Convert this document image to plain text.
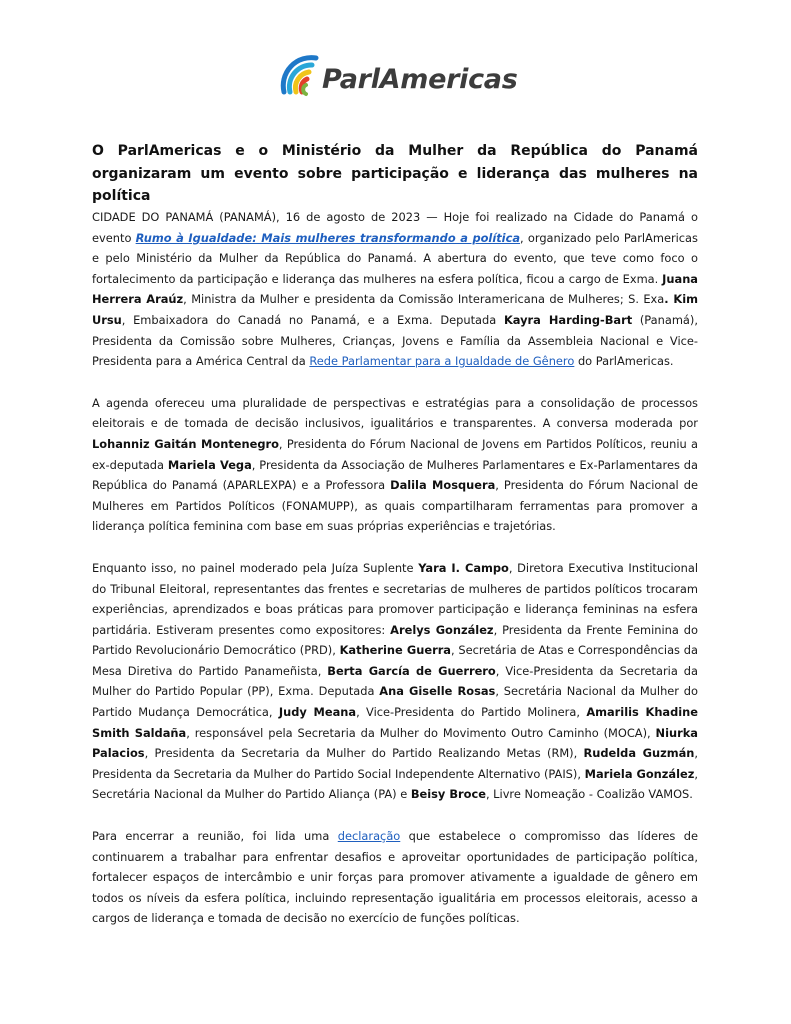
ParlAmericas
O ParlAmericas e o Ministério da Mulher da República do Panamá organizaram um evento sobre participação e liderança das mulheres na política

CIDADE DO PANAMÁ (PANAMÁ), 16 de agosto de 2023 — Hoje foi realizado na Cidade do Panamá o evento Rumo à Igualdade: Mais mulheres transformando a política, organizado pelo ParlAmericas e pelo Ministério da Mulher da República do Panamá. A abertura do evento, que teve como foco o fortalecimento da participação e liderança das mulheres na esfera política, ficou a cargo de Exma. Juana Herrera Araúz, Ministra da Mulher e presidenta da Comissão Interamericana de Mulheres; S. Exa. Kim Ursu, Embaixadora do Canadá no Panamá, e a Exma. Deputada Kayra Harding-Bart (Panamá), Presidenta da Comissão sobre Mulheres, Crianças, Jovens e Família da Assembleia Nacional e Vice-Presidenta para a América Central da Rede Parlamentar para a Igualdade de Gênero do ParlAmericas.

A agenda ofereceu uma pluralidade de perspectivas e estratégias para a consolidação de processos eleitorais e de tomada de decisão inclusivos, igualitários e transparentes. A conversa moderada por Lohanniz Gaitán Montenegro, Presidenta do Fórum Nacional de Jovens em Partidos Políticos, reuniu a ex-deputada Mariela Vega, Presidenta da Associação de Mulheres Parlamentares e Ex-Parlamentares da República do Panamá (APARLEXPA) e a Professora Dalila Mosquera, Presidenta do Fórum Nacional de Mulheres em Partidos Políticos (FONAMUPP), as quais compartilharam ferramentas para promover a liderança política feminina com base em suas próprias experiências e trajetórias.

Enquanto isso, no painel moderado pela Juíza Suplente Yara I. Campo, Diretora Executiva Institucional do Tribunal Eleitoral, representantes das frentes e secretarias de mulheres de partidos políticos trocaram experiências, aprendizados e boas práticas para promover participação e liderança femininas na esfera partidária. Estiveram presentes como expositores: Arelys González, Presidenta da Frente Feminina do Partido Revolucionário Democrático (PRD), Katherine Guerra, Secretária de Atas e Correspondências da Mesa Diretiva do Partido Panameñista, Berta García de Guerrero, Vice-Presidenta da Secretaria da Mulher do Partido Popular (PP), Exma. Deputada Ana Giselle Rosas, Secretária Nacional da Mulher do Partido Mudança Democrática, Judy Meana, Vice-Presidenta do Partido Molinera, Amarilis Khadine Smith Saldaña, responsável pela Secretaria da Mulher do Movimento Outro Caminho (MOCA), Niurka Palacios, Presidenta da Secretaria da Mulher do Partido Realizando Metas (RM), Rudelda Guzmán, Presidenta da Secretaria da Mulher do Partido Social Independente Alternativo (PAIS), Mariela González, Secretária Nacional da Mulher do Partido Aliança (PA) e Beisy Broce, Livre Nomeação - Coalizão VAMOS.

Para encerrar a reunião, foi lida uma declaração que estabelece o compromisso das líderes de continuarem a trabalhar para enfrentar desafios e aproveitar oportunidades de participação política, fortalecer espaços de intercâmbio e unir forças para promover ativamente a igualdade de gênero em todos os níveis da esfera política, incluindo representação igualitária em processos eleitorais, acesso a cargos de liderança e tomada de decisão no exercício de funções políticas.
